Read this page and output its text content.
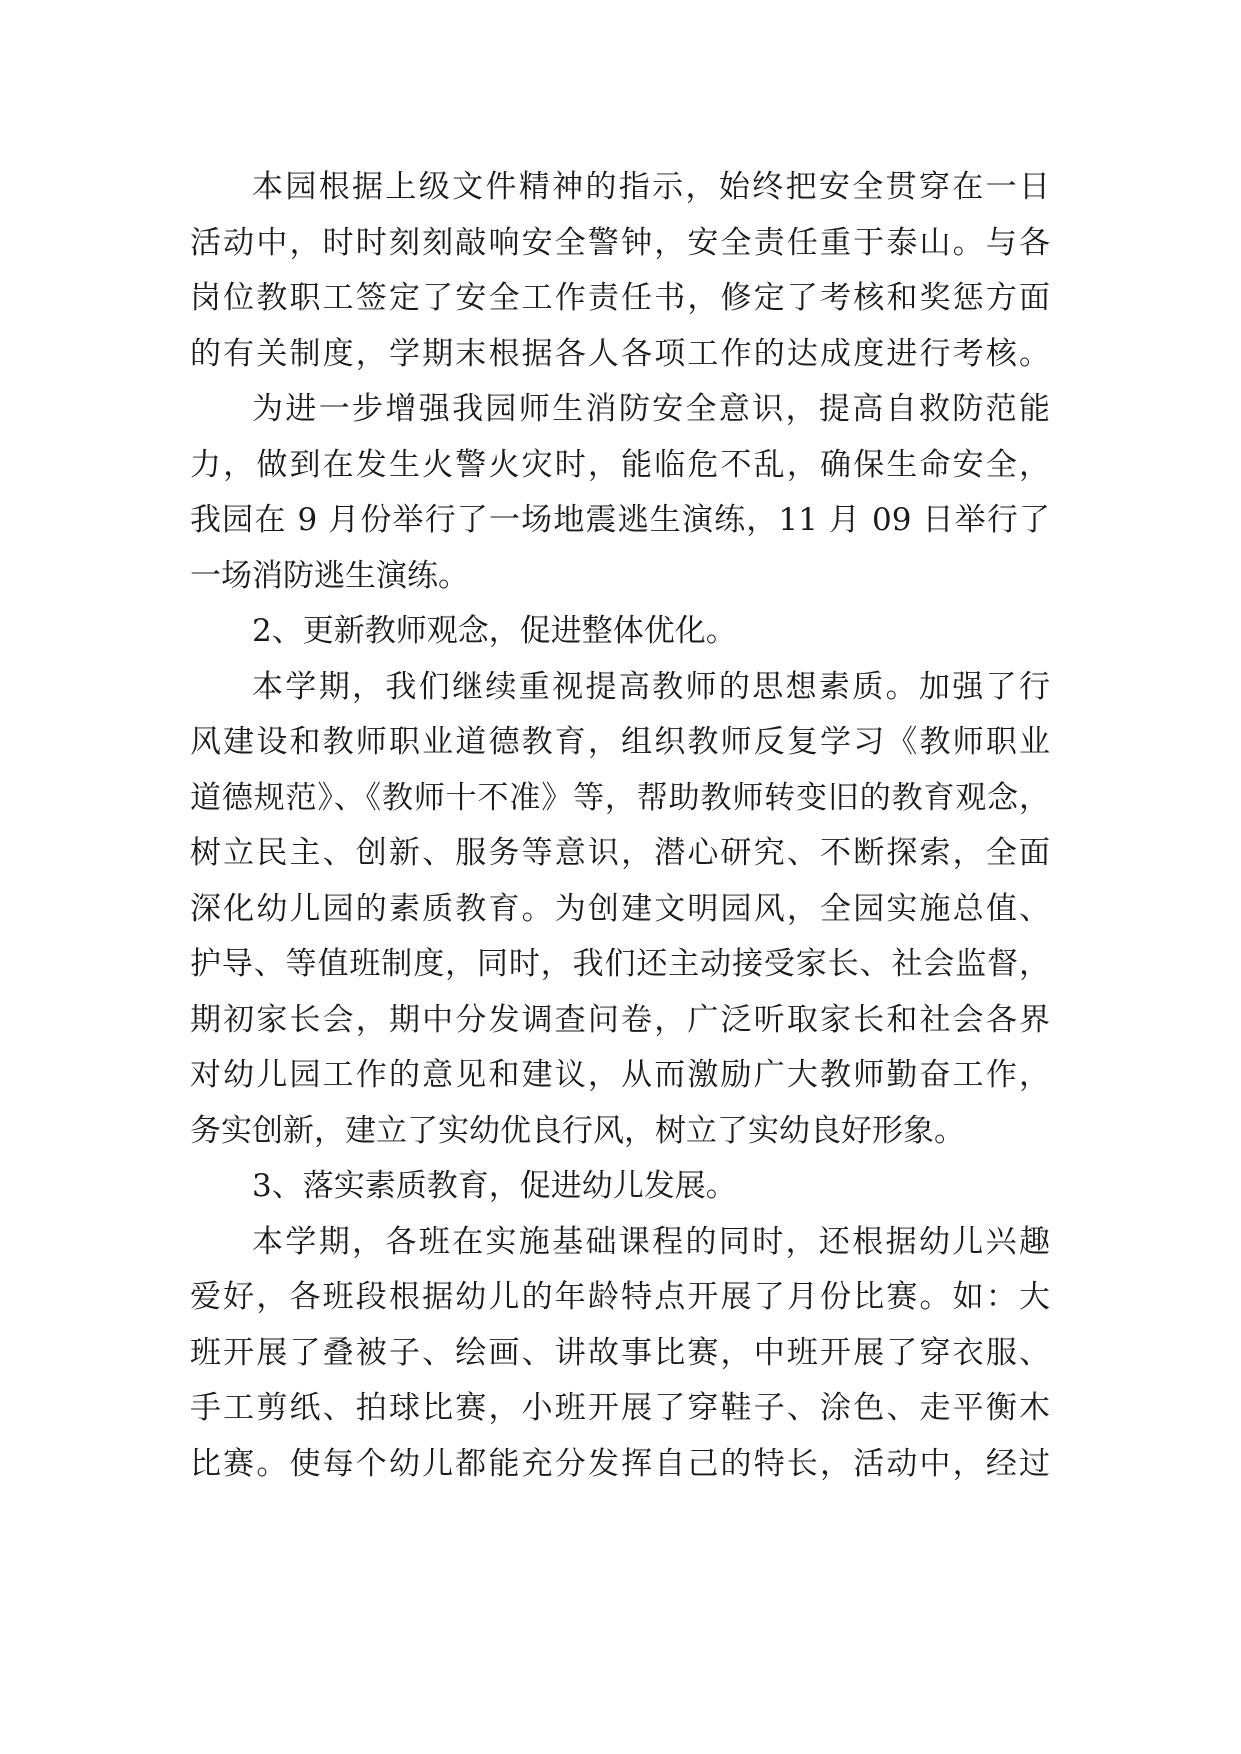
本园根据上级文件精神的指示，始终把安全贯穿在一日
活动中，时时刻刻敲响安全警钟，安全责任重于泰山。与各
岗位教职工签定了安全工作责任书，修定了考核和奖惩方面
的有关制度，学期末根据各人各项工作的达成度进行考核。
为进一步增强我园师生消防安全意识，提高自救防范能
力，做到在发生火警火灾时，能临危不乱，确保生命安全，
我园在 9 月份举行了一场地震逃生演练，11 月 09 日举行了
一场消防逃生演练。
2、更新教师观念，促进整体优化。
本学期，我们继续重视提高教师的思想素质。加强了行
风建设和教师职业道德教育，组织教师反复学习《教师职业
道德规范》、《教师十不准》等，帮助教师转变旧的教育观念，
树立民主、创新、服务等意识，潜心研究、不断探索，全面
深化幼儿园的素质教育。为创建文明园风，全园实施总值、
护导、等值班制度，同时，我们还主动接受家长、社会监督，
期初家长会，期中分发调查问卷，广泛听取家长和社会各界
对幼儿园工作的意见和建议，从而激励广大教师勤奋工作，
务实创新，建立了实幼优良行风，树立了实幼良好形象。
3、落实素质教育，促进幼儿发展。
本学期，各班在实施基础课程的同时，还根据幼儿兴趣
爱好，各班段根据幼儿的年龄特点开展了月份比赛。如：大
班开展了叠被子、绘画、讲故事比赛，中班开展了穿衣服、
手工剪纸、拍球比赛，小班开展了穿鞋子、涂色、走平衡木
比赛。使每个幼儿都能充分发挥自己的特长，活动中，经过
